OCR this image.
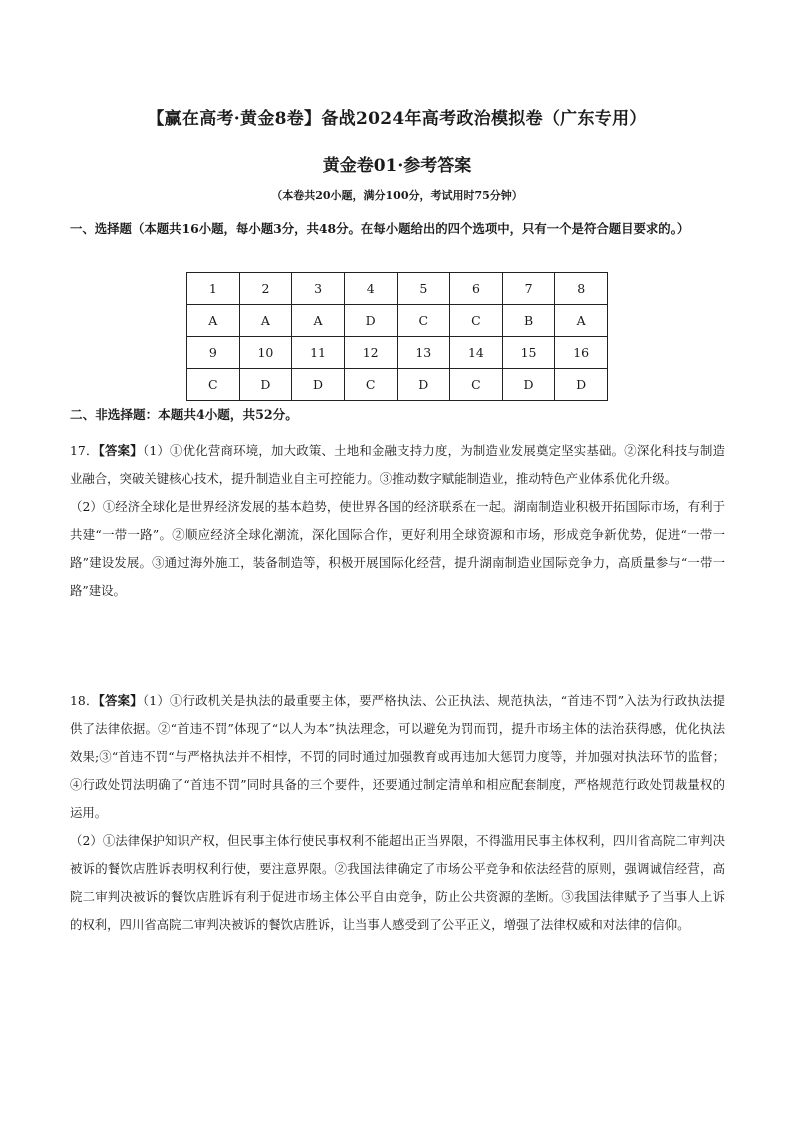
【赢在高考·黄金8卷】备战2024年高考政治模拟卷（广东专用）
黄金卷01·参考答案
（本卷共20小题，满分100分，考试用时75分钟）
一、选择题（本题共16小题，每小题3分，共48分。在每小题给出的四个选项中，只有一个是符合题目要求的。）
1	2	3	4	5	6	7	8
A	A	A	D	C	C	B	A
9	10	11	12	13	14	15	16
C	D	D	C	D	C	D	D
二、非选择题：本题共4小题，共52分。

17．【答案】（1）①优化营商环境，加大政策、土地和金融支持力度，为制造业发展奠定坚实基础。②深化科技与制造业融合，突破关键核心技术，提升制造业自主可控能力。③推动数字赋能制造业，推动特色产业体系优化升级。

（2）①经济全球化是世界经济发展的基本趋势，使世界各国的经济联系在一起。湖南制造业积极开拓国际市场，有利于共建“一带一路”。②顺应经济全球化潮流，深化国际合作，更好利用全球资源和市场，形成竞争新优势，促进“一带一路”建设发展。③通过海外施工，装备制造等，积极开展国际化经营，提升湖南制造业国际竞争力，高质量参与“一带一路”建设。

18．【答案】（1）①行政机关是执法的最重要主体，要严格执法、公正执法、规范执法，“首违不罚”入法为行政执法提供了法律依据。②“首违不罚”体现了“以人为本”执法理念，可以避免为罚而罚，提升市场主体的法治获得感，优化执法效果;③“首违不罚“与严格执法并不相悖，不罚的同时通过加强教育或再违加大惩罚力度等，并加强对执法环节的监督；④行政处罚法明确了“首违不罚”同时具备的三个要件，还要通过制定清单和相应配套制度，严格规范行政处罚裁量权的运用。

（2）①法律保护知识产权，但民事主体行使民事权利不能超出正当界限，不得滥用民事主体权利，四川省高院二审判决被诉的餐饮店胜诉表明权利行使，要注意界限。②我国法律确定了市场公平竞争和依法经营的原则，强调诚信经营，高院二审判决被诉的餐饮店胜诉有利于促进市场主体公平自由竞争，防止公共资源的垄断。③我国法律赋予了当事人上诉的权利，四川省高院二审判决被诉的餐饮店胜诉，让当事人感受到了公平正义，增强了法律权威和对法律的信仰。
